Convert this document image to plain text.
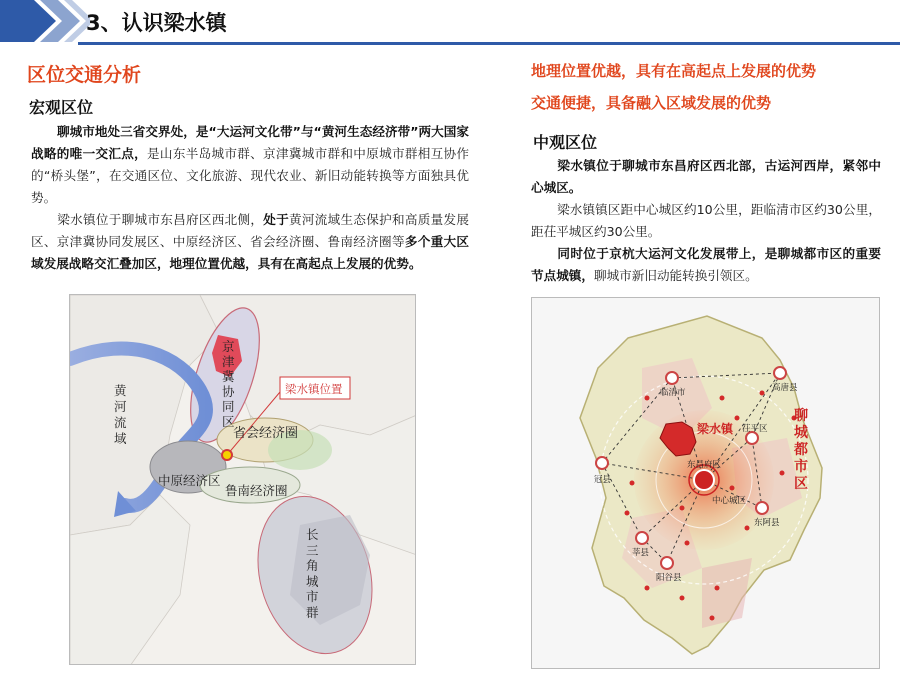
3、认识梁水镇
区位交通分析
宏观区位
聊城市地处三省交界处，是“大运河文化带”与“黄河生态经济带”两大国家战略的唯一交汇点，是山东半岛城市群、京津冀城市群和中原城市群相互协作的“桥头堡”，在交通区位、文化旅游、现代农业、新旧动能转换等方面独具优势。
梁水镇位于聊城市东昌府区西北侧，处于黄河流域生态保护和高质量发展区、京津冀协同发展区、中原经济区、省会经济圈、鲁南经济圈等多个重大区域发展战略交汇叠加区，地理位置优越，具有在高起点上发展的优势。
京津冀协同区
黄河流域
梁水镇位置
省会经济圈
中原经济区
鲁南经济圈
长三角城市群
地理位置优越，具有在高起点上发展的优势
交通便捷，具备融入区域发展的优势
中观区位
梁水镇位于聊城市东昌府区西北部，古运河西岸，紧邻中心城区。
梁水镇镇区距中心城区约10公里，距临清市区约30公里，距茌平城区约30公里。
同时位于京杭大运河文化发展带上，是聊城都市区的重要节点城镇，聊城市新旧动能转换引领区。
梁水镇
聊城都市区
临清市	高唐县
茌平区
东昌府区
中心城区
冠县
东阿县
莘县
阳谷县
